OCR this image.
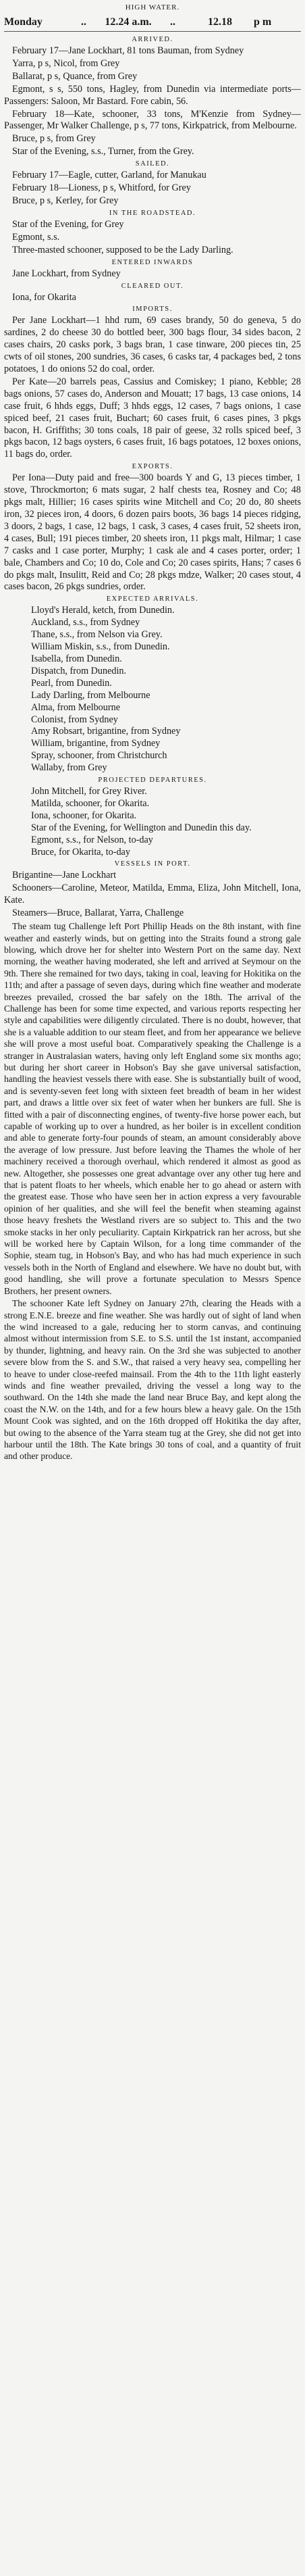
HIGH WATER.
Monday	..	12.24 a.m.	..	12.18	p m
ARRIVED.

February 17—Jane Lockhart, 81 tons Bauman, from Sydney

Yarra, p s, Nicol, from Grey

Ballarat, p s, Quance, from Grey

Egmont, s s, 550 tons, Hagley, from Dunedin via intermediate ports—Passengers: Saloon, Mr Bastard. Fore cabin, 56.

February 18—Kate, schooner, 33 tons, M'Kenzie from Sydney—Passenger, Mr Walker Challenge, p s, 77 tons, Kirkpatrick, from Melbourne.

Bruce, p s, from Grey

Star of the Evening, s.s., Turner, from the Grey.

SAILED.

February 17—Eagle, cutter, Garland, for Manukau

February 18—Lioness, p s, Whitford, for Grey

Bruce, p s, Kerley, for Grey

IN THE ROADSTEAD.

Star of the Evening, for Grey

Egmont, s.s.

Three-masted schooner, supposed to be the Lady Darling.

ENTERED INWARDS

Jane Lockhart, from Sydney

CLEARED OUT.

Iona, for Okarita

IMPORTS.

Per Jane Lockhart—1 hhd rum, 69 cases brandy, 50 do geneva, 5 do sardines, 2 do cheese 30 do bottled beer, 300 bags flour, 34 sides bacon, 2 cases chairs, 20 casks pork, 3 bags bran, 1 case tinware, 200 pieces tin, 25 cwts of oil stones, 200 sundries, 36 cases, 6 casks tar, 4 packages bed, 2 tons potatoes, 1 do onions 52 do coal, order.

Per Kate—20 barrels peas, Cassius and Comiskey; 1 piano, Kebble; 28 bags onions, 57 cases do, Anderson and Mouatt; 17 bags, 13 case onions, 14 case fruit, 6 hhds eggs, Duff; 3 hhds eggs, 12 cases, 7 bags onions, 1 case spiced beef, 21 cases fruit, Buchart; 60 cases fruit, 6 cases pines, 3 pkgs bacon, H. Griffiths; 30 tons coals, 18 pair of geese, 32 rolls spiced beef, 3 pkgs bacon, 12 bags oysters, 6 cases fruit, 16 bags potatoes, 12 boxes onions, 11 bags do, order.

EXPORTS.

Per Iona—Duty paid and free—300 boards Y and G, 13 pieces timber, 1 stove, Throckmorton; 6 mats sugar, 2 half chests tea, Rosney and Co; 48 pkgs malt, Hillier; 16 cases spirits wine Mitchell and Co; 20 do, 80 sheets iron, 32 pieces iron, 4 doors, 6 dozen pairs boots, 36 bags 14 pieces ridging, 3 doors, 2 bags, 1 case, 12 bags, 1 cask, 3 cases, 4 cases fruit, 52 sheets iron, 4 cases, Bull; 191 pieces timber, 20 sheets iron, 11 pkgs malt, Hilmar; 1 case 7 casks and 1 case porter, Murphy; 1 cask ale and 4 cases porter, order; 1 bale, Chambers and Co; 10 do, Cole and Co; 20 cases spirits, Hans; 7 cases 6 do pkgs malt, Insulitt, Reid and Co; 28 pkgs mdze, Walker; 20 cases stout, 4 cases bacon, 26 pkgs sundries, order.

EXPECTED ARRIVALS.
Lloyd's Herald, ketch, from Dunedin.
Auckland, s.s., from Sydney
Thane, s.s., from Nelson via Grey.
William Miskin, s.s., from Dunedin.
Isabella, from Dunedin.
Dispatch, from Dunedin.
Pearl, from Dunedin.
Lady Darling, from Melbourne
Alma, from Melbourne
Colonist, from Sydney
Amy Robsart, brigantine, from Sydney
William, brigantine, from Sydney
Spray, schooner, from Christchurch
Wallaby, from Grey
PROJECTED DEPARTURES.
John Mitchell, for Grey River.
Matilda, schooner, for Okarita.
Iona, schooner, for Okarita.
Star of the Evening, for Wellington and Dunedin this day.
Egmont, s.s., for Nelson, to-day
Bruce, for Okarita, to-day
VESSELS IN PORT.

Brigantine—Jane Lockhart

Schooners—Caroline, Meteor, Matilda, Emma, Eliza, John Mitchell, Iona, Kate.

Steamers—Bruce, Ballarat, Yarra, Challenge

The steam tug Challenge left Port Phillip Heads on the 8th instant, with fine weather and easterly winds, but on getting into the Straits found a strong gale blowing, which drove her for shelter into Western Port on the same day. Next morning, the weather having moderated, she left and arrived at Seymour on the 9th. There she remained for two days, taking in coal, leaving for Hokitika on the 11th; and after a passage of seven days, during which fine weather and moderate breezes prevailed, crossed the bar safely on the 18th. The arrival of the Challenge has been for some time expected, and various reports respecting her style and capabilities were diligently circulated. There is no doubt, however, that she is a valuable addition to our steam fleet, and from her appearance we believe she will prove a most useful boat. Comparatively speaking the Challenge is a stranger in Australasian waters, having only left England some six months ago; but during her short career in Hobson's Bay she gave universal satisfaction, handling the heaviest vessels there with ease. She is substantially built of wood, and is seventy-seven feet long with sixteen feet breadth of beam in her widest part, and draws a little over six feet of water when her bunkers are full. She is fitted with a pair of disconnecting engines, of twenty-five horse power each, but capable of working up to over a hundred, as her boiler is in excellent condition and able to generate forty-four pounds of steam, an amount considerably above the average of low pressure. Just before leaving the Thames the whole of her machinery received a thorough overhaul, which rendered it almost as good as new. Altogether, she possesses one great advantage over any other tug here and that is patent floats to her wheels, which enable her to go ahead or astern with the greatest ease. Those who have seen her in action express a very favourable opinion of her qualities, and she will feel the benefit when steaming against those heavy freshets the Westland rivers are so subject to. This and the two smoke stacks in her only peculiarity. Captain Kirkpatrick ran her across, but she will be worked here by Captain Wilson, for a long time commander of the Sophie, steam tug, in Hobson's Bay, and who has had much experience in such vessels both in the North of England and elsewhere. We have no doubt but, with good handling, she will prove a fortunate speculation to Messrs Spence Brothers, her present owners.

The schooner Kate left Sydney on January 27th, clearing the Heads with a strong E.N.E. breeze and fine weather. She was hardly out of sight of land when the wind increased to a gale, reducing her to storm canvas, and continuing almost without intermission from S.E. to S.S. until the 1st instant, accompanied by thunder, lightning, and heavy rain. On the 3rd she was subjected to another severe blow from the S. and S.W., that raised a very heavy sea, compelling her to heave to under close-reefed mainsail. From the 4th to the 11th light easterly winds and fine weather prevailed, driving the vessel a long way to the southward. On the 14th she made the land near Bruce Bay, and kept along the coast the N.W. on the 14th, and for a few hours blew a heavy gale. On the 15th Mount Cook was sighted, and on the 16th dropped off Hokitika the day after, but owing to the absence of the Yarra steam tug at the Grey, she did not get into harbour until the 18th. The Kate brings 30 tons of coal, and a quantity of fruit and other produce.
